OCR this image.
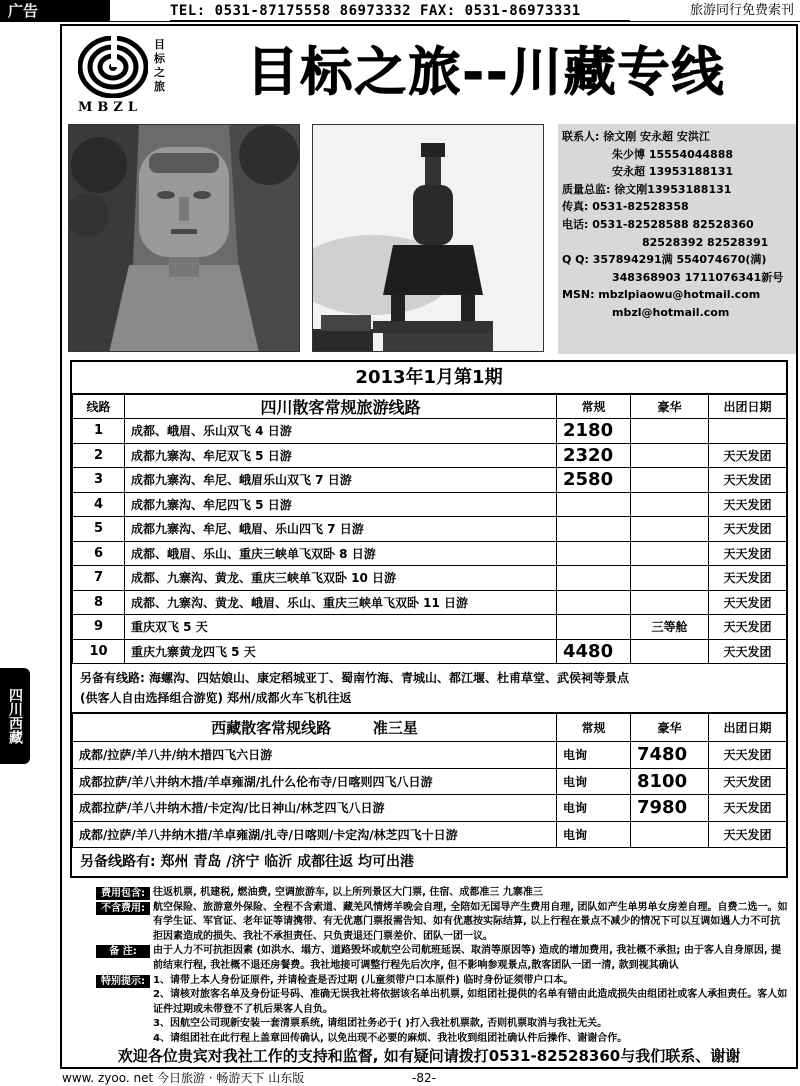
广告	TEL: 0531-87175558 86973332 FAX: 0531-86973331	旅游同行免费索刊
四川西藏
MBZL
目标之旅	目标之旅--川藏专线
联系人: 徐文刚 安永超 安洪江
朱少博 15554044888
安永超 13953188131
质量总监: 徐文刚13953188131
传真: 0531-82528358
电话: 0531-82528588 82528360
82528392 82528391
Q Q: 357894291满 554074670(满)
348368903 1711076341新号
MSN: mbzlpiaowu@hotmail.com
mbzl@hotmail.com
2013年1月第1期
线路	四川散客常规旅游线路	常规	豪华	出团日期
1	成都、峨眉、乐山双飞 4 日游	2180		
2	成都九寨沟、牟尼双飞 5 日游	2320		天天发团
3	成都九寨沟、牟尼、峨眉乐山双飞 7 日游	2580		天天发团
4	成都九寨沟、牟尼四飞 5 日游			天天发团
5	成都九寨沟、牟尼、峨眉、乐山四飞 7 日游			天天发团
6	成都、峨眉、乐山、重庆三峡单飞双卧 8 日游			天天发团
7	成都、九寨沟、黄龙、重庆三峡单飞双卧 10 日游			天天发团
8	成都、九寨沟、黄龙、峨眉、乐山、重庆三峡单飞双卧 11 日游			天天发团
9	重庆双飞 5 天		三等舱	天天发团
10	重庆九寨黄龙四飞 5 天	4480		天天发团
另备有线路: 海螺沟、四姑娘山、康定稻城亚丁、蜀南竹海、青城山、都江堰、杜甫草堂、武侯祠等景点
(供客人自由选择组合游览) 郑州/成都火车飞机往返
西藏散客常规线路 准三星	常规	豪华	出团日期
成都/拉萨/羊八井/纳木措四飞六日游	电询	7480	天天发团
成都拉萨/羊八井纳木措/羊卓雍湖/扎什么伦布寺/日喀则四飞八日游	电询	8100	天天发团
成都拉萨/羊八井纳木措/卡定沟/比日神山/林芝四飞八日游	电询	7980	天天发团
成都/拉萨/羊八井纳木措/羊卓雍湖/扎寺/日喀则/卡定沟/林芝四飞十日游	电询		天天发团
另备线路有: 郑州 青岛 /济宁 临沂 成都往返 均可出港
费用包含: 往返机票, 机建税, 燃油费, 空调旅游车, 以上所列景区大门票, 住宿、成都准三 九寨准三
不含费用: 航空保险、旅游意外保险、全程不含索道、藏羌风情烤羊晚会自理, 全陪如无国导产生费用自理, 团队如产生单男单女房差自理。自费二选一。如有学生证、军官证、老年证等请携带、有无优惠门票报需告知、如有优惠按实际结算, 以上行程在景点不减少的情况下可以互调如遇人力不可抗拒因素造成的损失、我社不承担责任、只负责退还门票差价、团队一团一议。
备 注:	由于人力不可抗拒因素 (如洪水、塌方、道路毁坏或航空公司航班延误、取消等原因等) 造成的增加费用, 我社概不承担; 由于客人自身原因, 提前结束行程, 我社概不退还房餐费。我社地接可调整行程先后次序, 但不影响参观景点,散客团队一团一清, 款到视其确认
特别提示: 1、请带上本人身份证原件, 并请检查是否过期 (儿童须带户口本原件) 临时身份证须带户口本。
2、请核对旅客名单及身份证号码、准确无误我社将依据该名单出机票, 如组团社提供的名单有错由此造成损失由组团社或客人承担责任。客人如证件过期或未带登不了机后果客人自负。
3、因航空公司现新安装一套清票系统, 请组团社务必于( )打入我社机票款, 否则机票取消与我社无关。
4、请组团社在此行程上盖章回传确认, 以免出现不必要的麻烦、我社收到组团社确认件后操作、谢谢合作。
欢迎各位贵宾对我社工作的支持和监督, 如有疑问请拨打0531-82528360与我们联系、谢谢
www. zyoo. net 今日旅游 · 畅游天下 山东版	-82-
